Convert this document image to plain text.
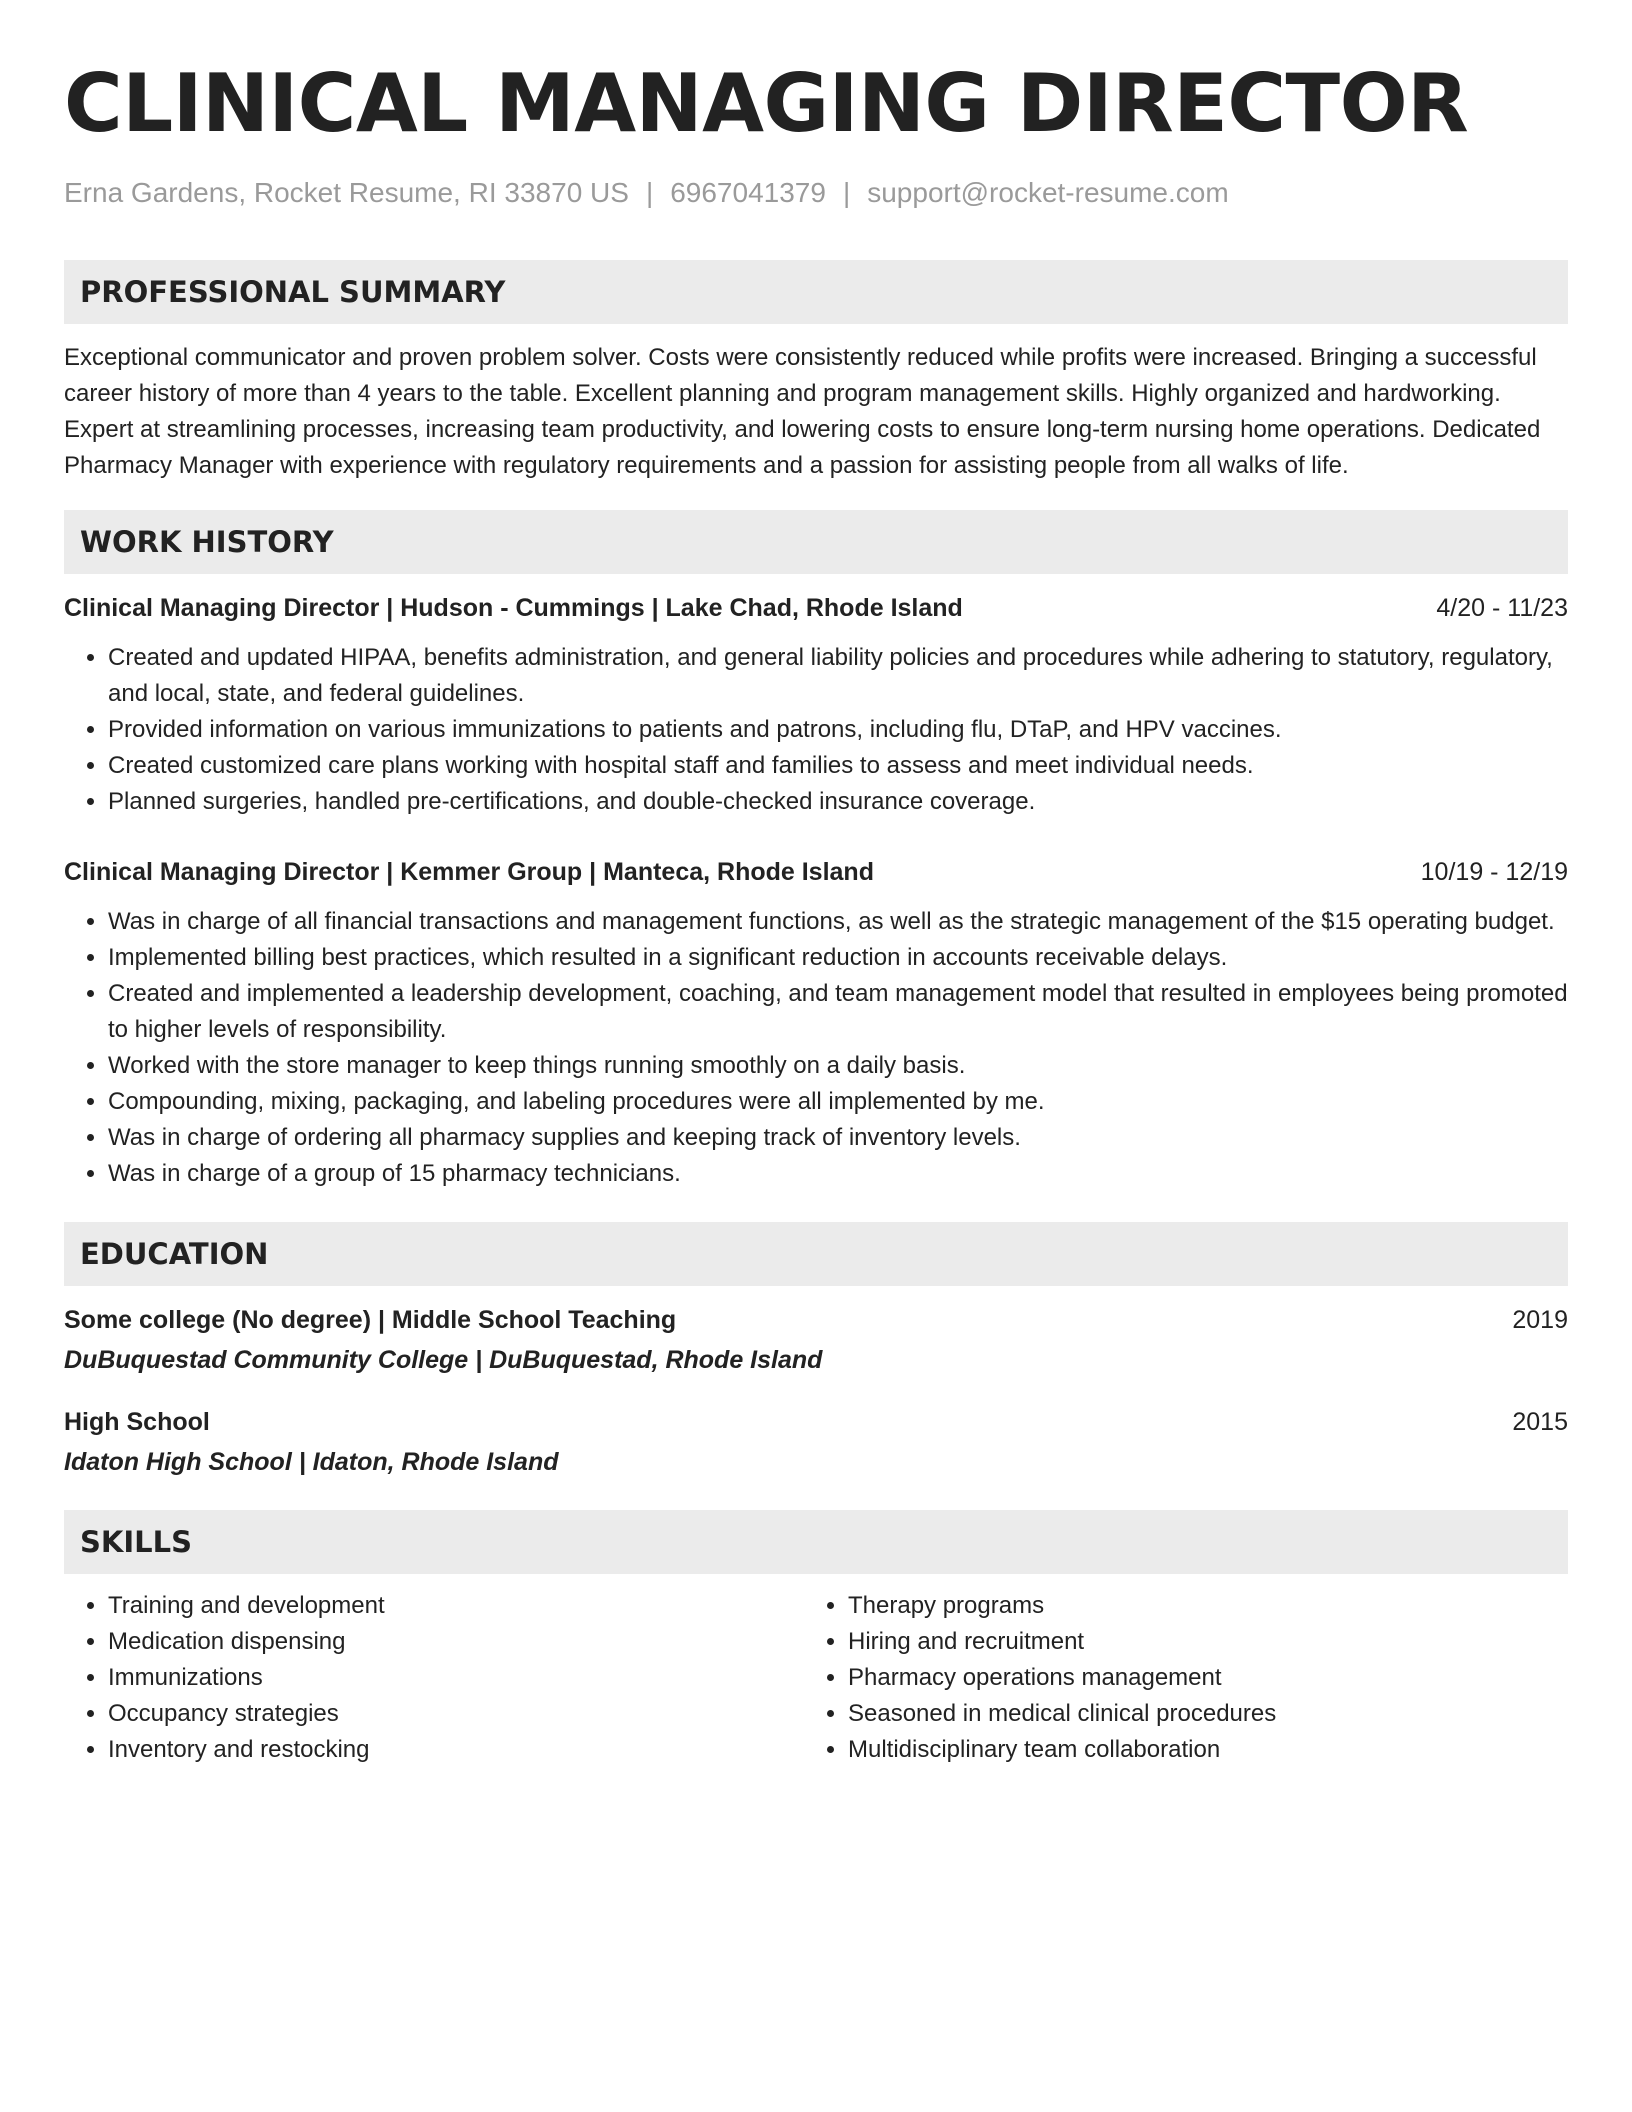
CLINICAL MANAGING DIRECTOR
Erna Gardens, Rocket Resume, RI 33870 US | 6967041379 | support@rocket-resume.com
PROFESSIONAL SUMMARY

Exceptional communicator and proven problem solver. Costs were consistently reduced while profits were increased. Bringing a successful career history of more than 4 years to the table. Excellent planning and program management skills. Highly organized and hardworking. Expert at streamlining processes, increasing team productivity, and lowering costs to ensure long-term nursing home operations. Dedicated Pharmacy Manager with experience with regulatory requirements and a passion for assisting people from all walks of life.

WORK HISTORY
Clinical Managing Director | Hudson - Cummings | Lake Chad, Rhode Island	4/20 - 11/23
• Created and updated HIPAA, benefits administration, and general liability policies and procedures while adhering to statutory, regulatory, and local, state, and federal guidelines.
• Provided information on various immunizations to patients and patrons, including flu, DTaP, and HPV vaccines.
• Created customized care plans working with hospital staff and families to assess and meet individual needs.
• Planned surgeries, handled pre-certifications, and double-checked insurance coverage.
Clinical Managing Director | Kemmer Group | Manteca, Rhode Island	10/19 - 12/19
• Was in charge of all financial transactions and management functions, as well as the strategic management of the $15 operating budget.
• Implemented billing best practices, which resulted in a significant reduction in accounts receivable delays.
• Created and implemented a leadership development, coaching, and team management model that resulted in employees being promoted to higher levels of responsibility.
• Worked with the store manager to keep things running smoothly on a daily basis.
• Compounding, mixing, packaging, and labeling procedures were all implemented by me.
• Was in charge of ordering all pharmacy supplies and keeping track of inventory levels.
• Was in charge of a group of 15 pharmacy technicians.
EDUCATION
Some college (No degree) | Middle School Teaching	2019
DuBuquestad Community College | DuBuquestad, Rhode Island
High School	2015
Idaton High School | Idaton, Rhode Island
SKILLS
• Training and development
• Medication dispensing
• Immunizations
• Occupancy strategies
• Inventory and restocking
• Therapy programs
• Hiring and recruitment
• Pharmacy operations management
• Seasoned in medical clinical procedures
• Multidisciplinary team collaboration
